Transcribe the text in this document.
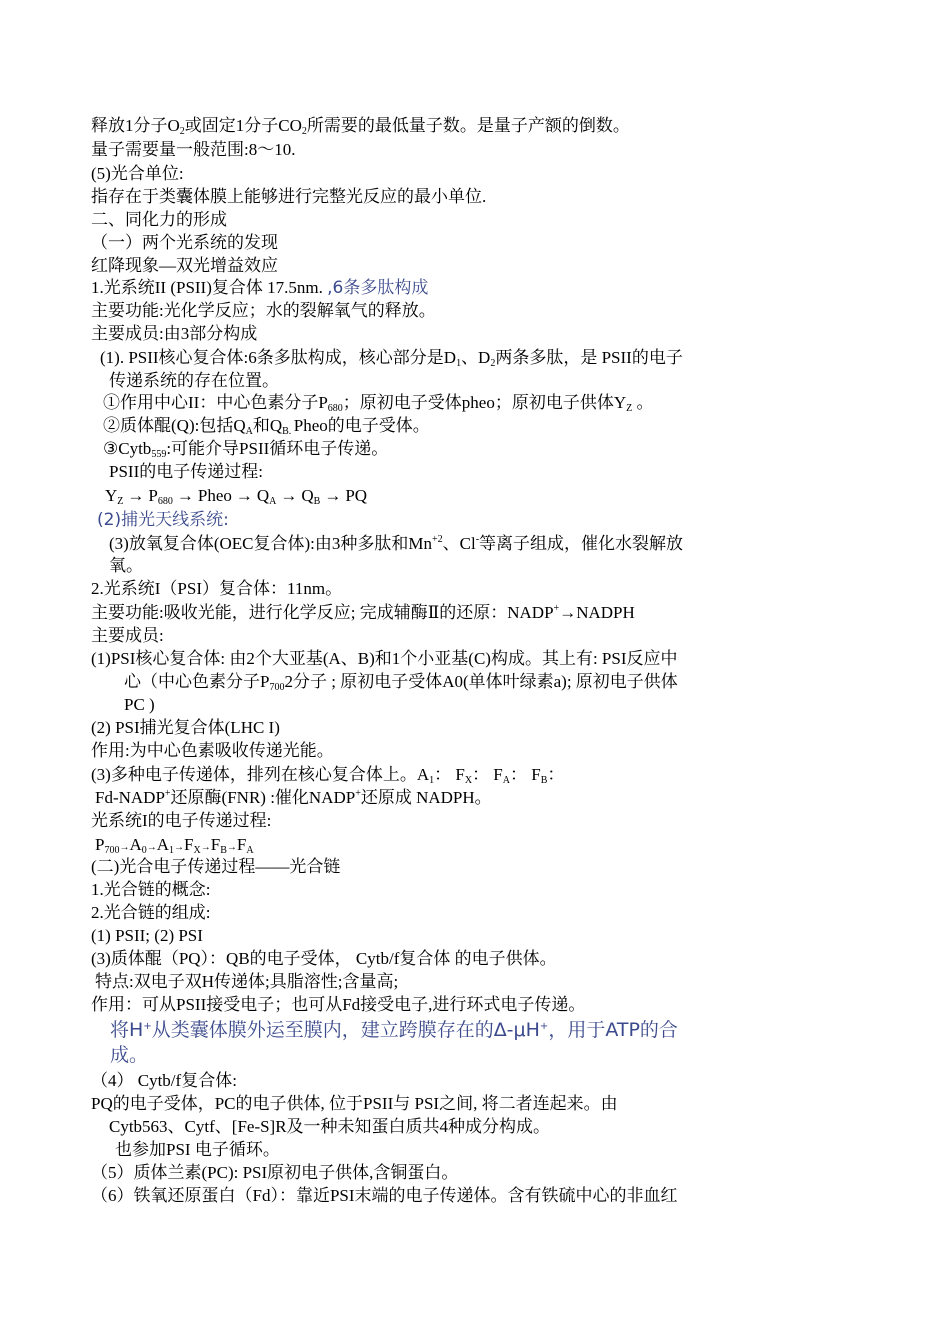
释放1分子$O_2$或固定1分子$CO_2$所需要的最低量子数。是量子产额的倒数。
量子需要量一般范围:8～10.
(5)光合单位:
指存在于类囊体膜上能够进行完整光反应的最小单位.
二、同化力的形成
（一）两个光系统的发现
红降现象—双光增益效应
1.光系统II (PSII)复合体 17.5nm. ,6条多肽构成
主要功能:光化学反应；水的裂解氧气的释放。
主要成员:由3部分构成
(1). PSII核心复合体:6条多肽构成，核心部分是$D_1$、$D_2$两条多肽，是 PSII的电子
传递系统的存在位置。
①作用中心II：中心色素分子$P_{680}$；原初电子受体pheo；原初电子供体$Y_Z$ 。
②质体醌(Q):包括$Q_A$和$Q_{B.}$ Pheo的电子受体。
③Cytb$_{559}$:可能介导PSII循环电子传递。
PSII的电子传递过程:
$Y_Z \to P_{680}$ → Pheo → $Q_A \to Q_B$ → PQ
(2)捕光天线系统:
(3)放氧复合体(OEC复合体):由3种多肽和$Mn^{+2}$、Cl-等离子组成，催化水裂解放
氧。
2.光系统I（PSI）复合体：11nm。
主要功能:吸收光能，进行化学反应; 完成辅酶Ⅱ的还原：NADP+→NADPH
主要成员:
(1)PSI核心复合体: 由2个大亚基(A、B)和1个小亚基(C)构成。其上有: PSI反应中
心（中心色素分子$P_{700}2$分子 ; 原初电子受体A0(单体叶绿素a); 原初电子供体
PC )
(2) PSI捕光复合体(LHC I)
作用:为中心色素吸收传递光能。
(3)多种电子传递体，排列在核心复合体上。$A_1$： $F_X$： $F_A$： $F_B$：
Fd-NADP+还原酶(FNR) :催化NADP+还原成 NADPH。
光系统I的电子传递过程:
$P_{700}\to A_0\to A_1\to F_X\to F_B\to F_A$
(二)光合电子传递过程——光合链
1.光合链的概念:
2.光合链的组成:
(1) PSII; (2) PSI
(3)质体醌（PQ）：QB的电子受体， Cytb/f复合体 的电子供体。
特点:双电子双H传递体;具脂溶性;含量高;
作用：可从PSII接受电子；也可从Fd接受电子,进行环式电子传递。
将H+从类囊体膜外运至膜内，建立跨膜存在的Δ-μH+，用于ATP的合
成。
（4） Cytb/f复合体:
PQ的电子受体，PC的电子供体, 位于PSII与 PSI之间, 将二者连起来。由
Cytb563、Cytf、[Fe-S]R及一种未知蛋白质共4种成分构成。
也参加PSI 电子循环。
（5）质体兰素(PC): PSI原初电子供体,含铜蛋白。
（6）铁氧还原蛋白（Fd）：靠近PSI末端的电子传递体。含有铁硫中心的非血红
